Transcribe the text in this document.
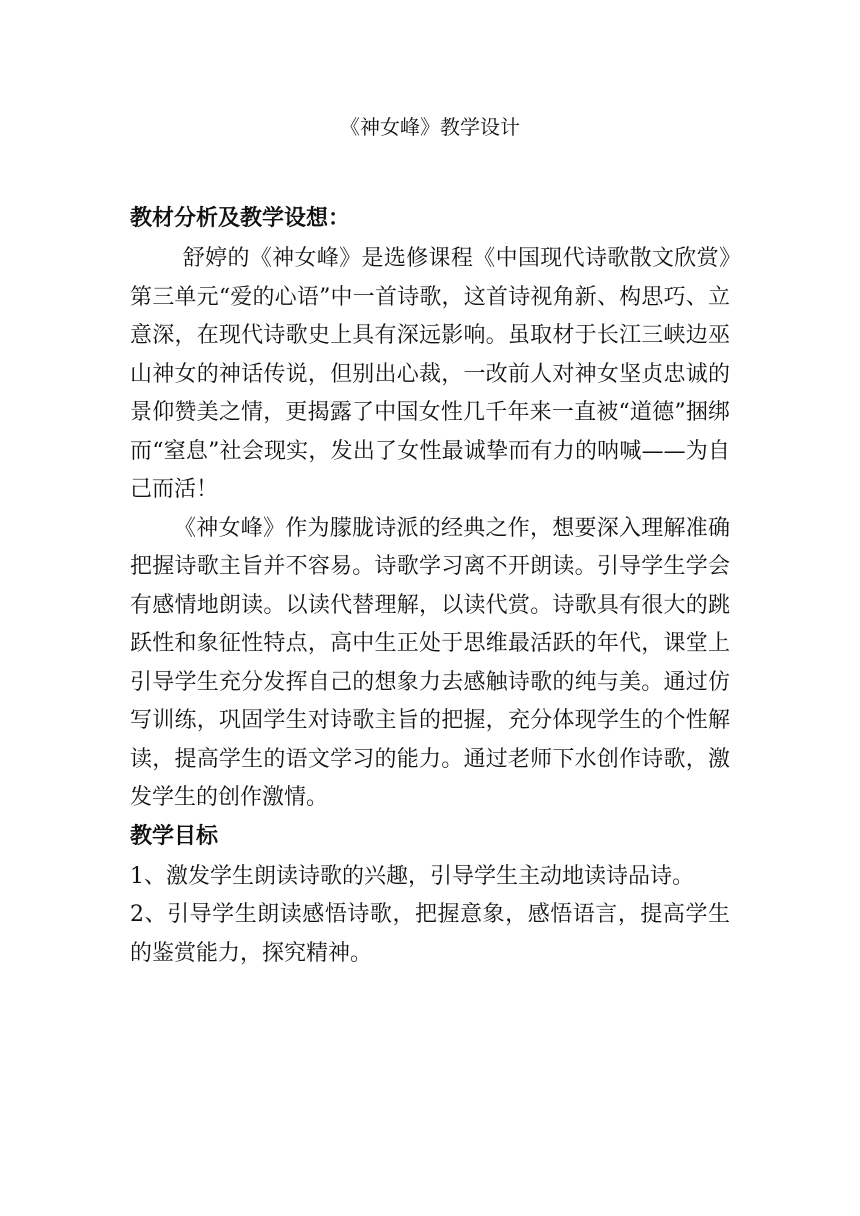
《神女峰》教学设计

教材分析及教学设想：

舒婷的《神女峰》是选修课程《中国现代诗歌散文欣赏》第三单元“爱的心语”中一首诗歌，这首诗视角新、构思巧、立意深，在现代诗歌史上具有深远影响。虽取材于长江三峡边巫山神女的神话传说，但别出心裁，一改前人对神女坚贞忠诚的景仰赞美之情，更揭露了中国女性几千年来一直被“道德”捆绑而“窒息”社会现实，发出了女性最诚挚而有力的呐喊——为自己而活！

《神女峰》作为朦胧诗派的经典之作，想要深入理解准确把握诗歌主旨并不容易。诗歌学习离不开朗读。引导学生学会有感情地朗读。以读代替理解，以读代赏。诗歌具有很大的跳跃性和象征性特点，高中生正处于思维最活跃的年代，课堂上引导学生充分发挥自己的想象力去感触诗歌的纯与美。通过仿写训练，巩固学生对诗歌主旨的把握，充分体现学生的个性解读，提高学生的语文学习的能力。通过老师下水创作诗歌，激发学生的创作激情。

教学目标

1、激发学生朗读诗歌的兴趣，引导学生主动地读诗品诗。

2、引导学生朗读感悟诗歌，把握意象，感悟语言，提高学生的鉴赏能力，探究精神。
